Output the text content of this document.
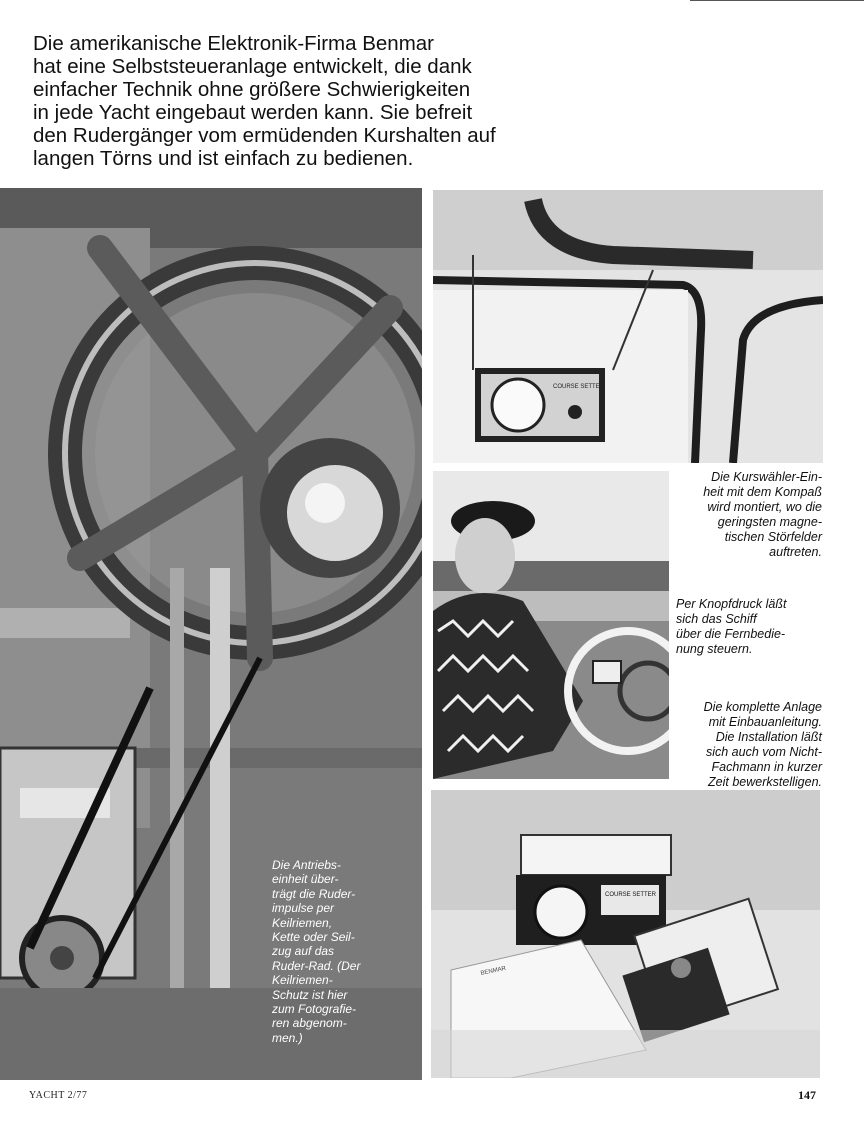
Die amerikanische Elektronik-Firma Benmar
hat eine Selbststeueranlage entwickelt, die dank
einfacher Technik ohne größere Schwierigkeiten
in jede Yacht eingebaut werden kann. Sie befreit
den Rudergänger vom ermüdenden Kurshalten auf
langen Törns und ist einfach zu bedienen.
Die Antriebs-
einheit über-
trägt die Ruder-
impulse per
Keilriemen,
Kette oder Seil-
zug auf das
Ruder-Rad. (Der
Keilriemen-
Schutz ist hier
zum Fotografie-
ren abgenom-
men.)
COURSE SETTER
Die Kurswähler-Ein-
heit mit dem Kompaß
wird montiert, wo die
geringsten magne-
tischen Störfelder
auftreten.
Per Knopfdruck läßt
sich das Schiff
über die Fernbedie-
nung steuern.
Die komplette Anlage
mit Einbauanleitung.
Die Installation läßt
sich auch vom Nicht-
Fachmann in kurzer
Zeit bewerkstelligen.
COURSE SETTER
BENMAR
YACHT 2/77	147
